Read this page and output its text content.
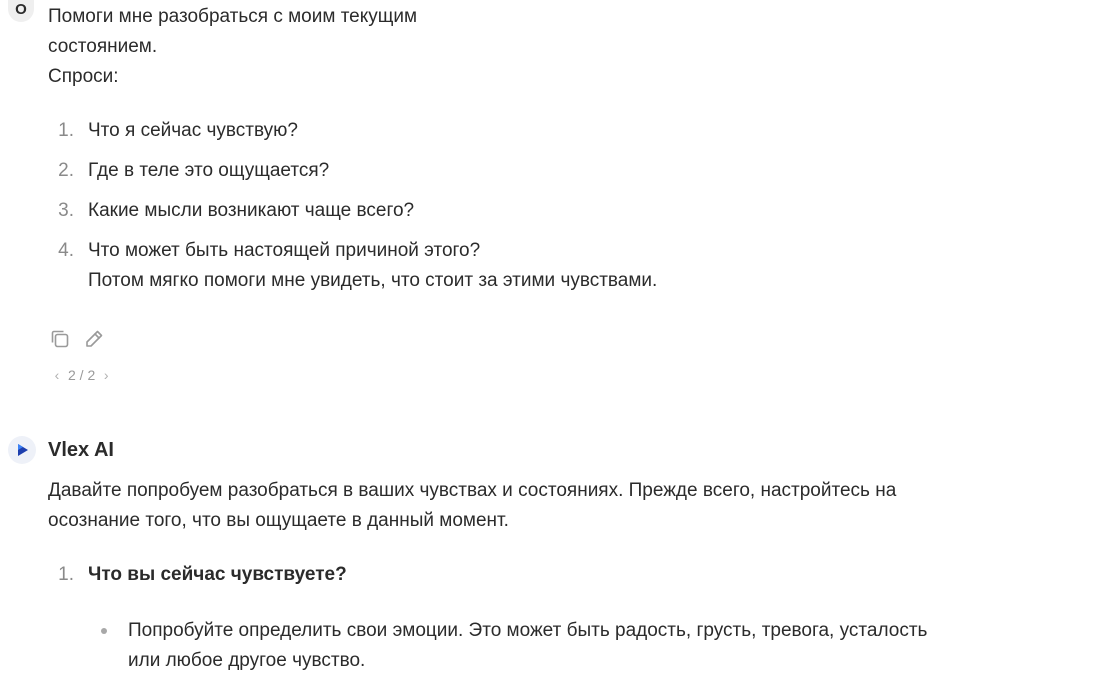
O	Помоги мне разобраться с моим текущим
состоянием.
Спроси:
1. Что я сейчас чувствую?
2. Где в теле это ощущается?
3. Какие мысли возникают чаще всего?
4. Что может быть настоящей причиной этого?
Потом мягко помоги мне увидеть, что стоит за этими чувствами.
‹ 2 / 2 ›
Vlex AI
Давайте попробуем разобраться в ваших чувствах и состояниях. Прежде всего, настройтесь на
осознание того, что вы ощущаете в данный момент.
1. Что вы сейчас чувствуете?
Попробуйте определить свои эмоции. Это может быть радость, грусть, тревога, усталость
или любое другое чувство.
